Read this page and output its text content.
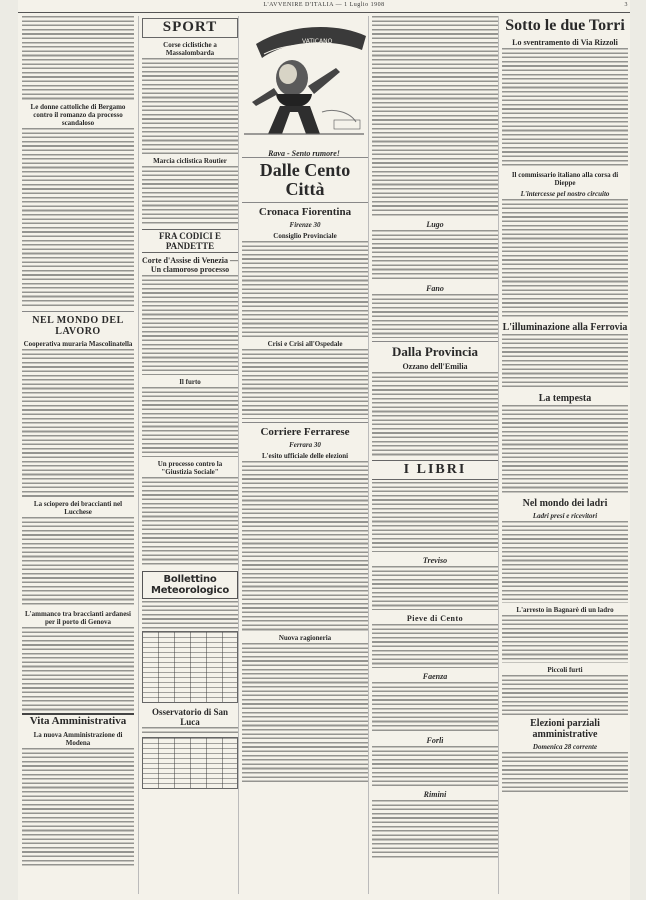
L'AVVENIRE D'ITALIA — 1 Luglio 1908	3
Le donne cattoliche di Bergamo contro il romanzo da processo scandaloso
NEL MONDO DEL LAVORO
Cooperativa muraria Mascolinatella
La sciopero dei braccianti nel Lucchese
L'ammanco tra braccianti ardanesi per il porto di Genova
Vita Amministrativa
La nuova Amministrazione di Modena
SPORT
Corse ciclistiche a Massalombarda
Marcia ciclistica Routier
FRA CODICI E PANDETTE
Corte d'Assise di Venezia — Un clamoroso processo
Il furto
Un processo contro la "Giustizia Sociale"
Bollettino Meteorologico
Osservatorio di San Luca
VATICANO
Rava - Sento rumore!
Dalle Cento Città
Cronaca Fiorentina
Firenze 30
Consiglio Provinciale
Crisi e Crisi all'Ospedale
Corriere Ferrarese
Ferrara 30
L'esito ufficiale delle elezioni
Nuova ragioneria
Lugo
Fano
Dalla Provincia
Ozzano dell'Emilia
I LIBRI
Treviso
Pieve di Cento
Faenza
Forlì
Rimini
Sotto le due Torri
Lo sventramento di Via Rizzoli
Il commissario italiano alla corsa di Dieppe
L'intercesse pel nostro circuito
L'illuminazione alla Ferrovia
La tempesta
Nel mondo dei ladri
Ladri presi e ricevitori
L'arresto in Bagnarè di un ladro
Piccoli furti
Elezioni parziali amministrative
Domenica 28 corrente
